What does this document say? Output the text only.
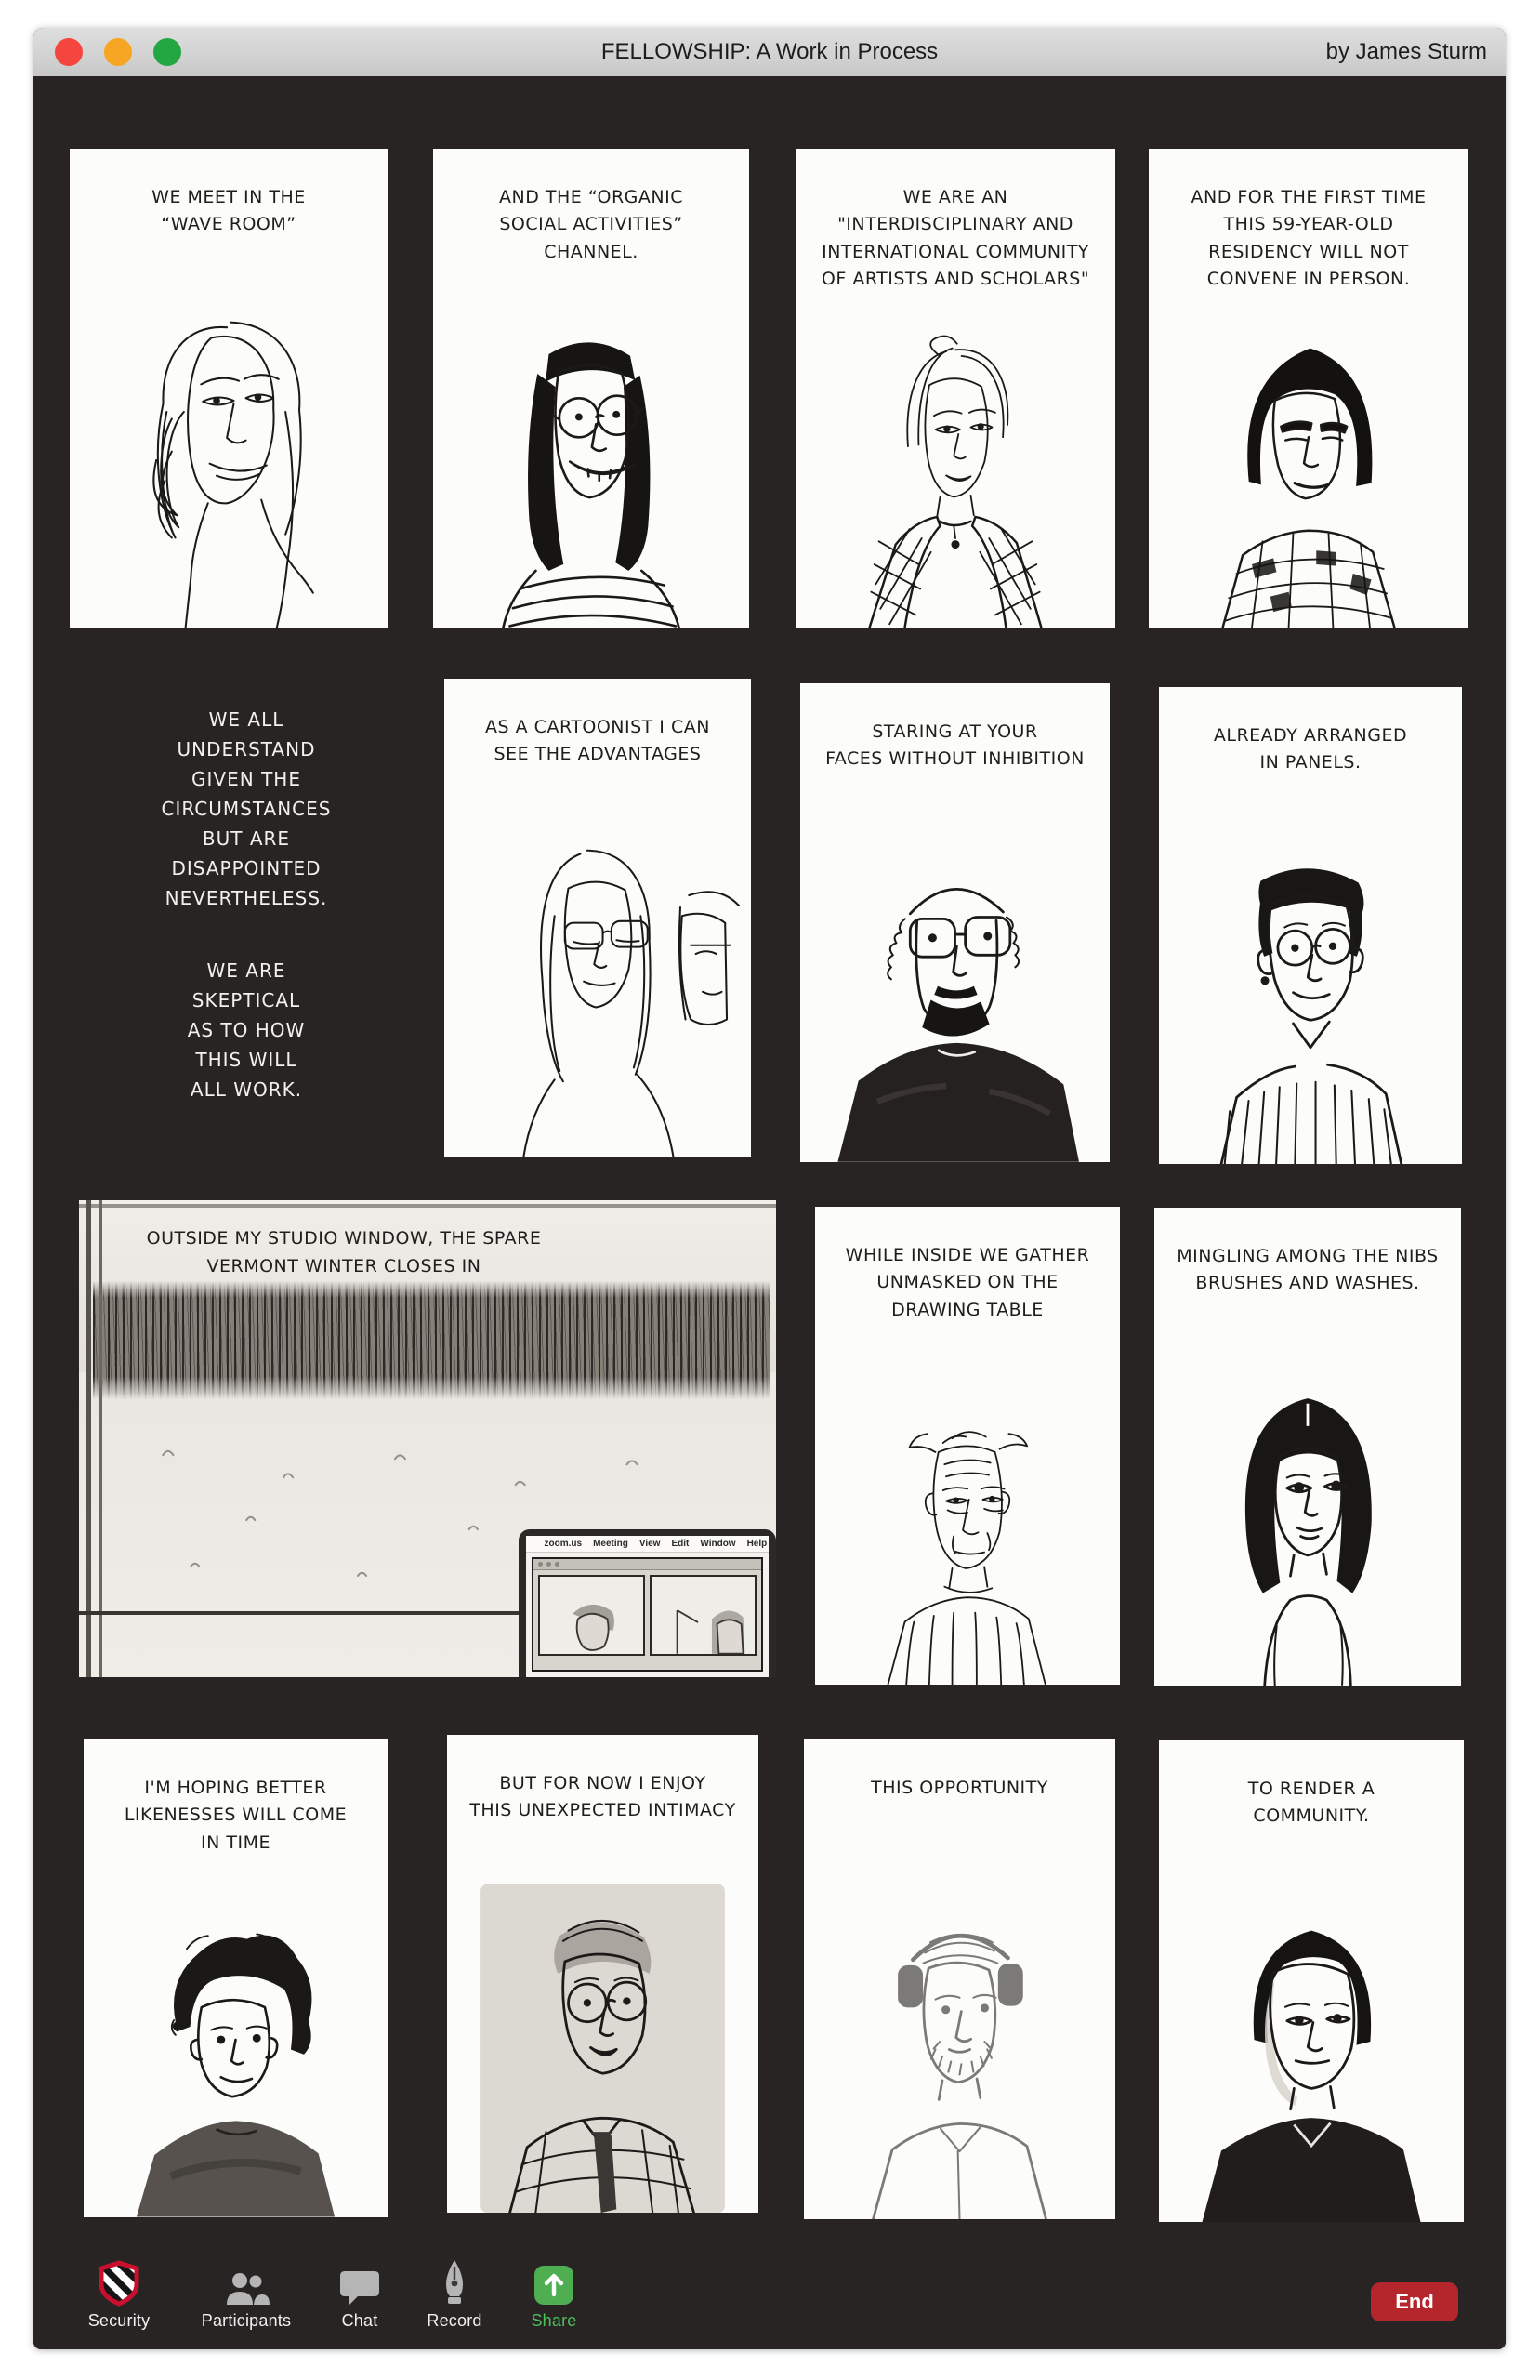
FELLOWSHIP: A Work in Process	by James Sturm
WE MEET IN THE
“WAVE ROOM”
AND THE “ORGANIC
SOCIAL ACTIVITIES”
CHANNEL.
WE ARE AN
"INTERDISCIPLINARY AND
INTERNATIONAL COMMUNITY
OF ARTISTS AND SCHOLARS"
AND FOR THE FIRST TIME
THIS 59-YEAR-OLD
RESIDENCY WILL NOT
CONVENE IN PERSON.
WE ALL
UNDERSTAND
GIVEN THE
CIRCUMSTANCES
BUT ARE
DISAPPOINTED
NEVERTHELESS.
WE ARE
SKEPTICAL
AS TO HOW
THIS WILL
ALL WORK.
AS A CARTOONIST I CAN
SEE THE ADVANTAGES
STARING AT YOUR
FACES WITHOUT INHIBITION
ALREADY ARRANGED
IN PANELS.
OUTSIDE MY STUDIO WINDOW, THE SPARE
VERMONT WINTER CLOSES IN
zoom.us Meeting View Edit Window Help
WHILE INSIDE WE GATHER
UNMASKED ON THE
DRAWING TABLE
MINGLING AMONG THE NIBS
BRUSHES AND WASHES.
I'M HOPING BETTER
LIKENESSES WILL COME
IN TIME
BUT FOR NOW I ENJOY
THIS UNEXPECTED INTIMACY
THIS OPPORTUNITY	TO RENDER A
COMMUNITY.
Security	Participants	Chat	Record	Share
End
